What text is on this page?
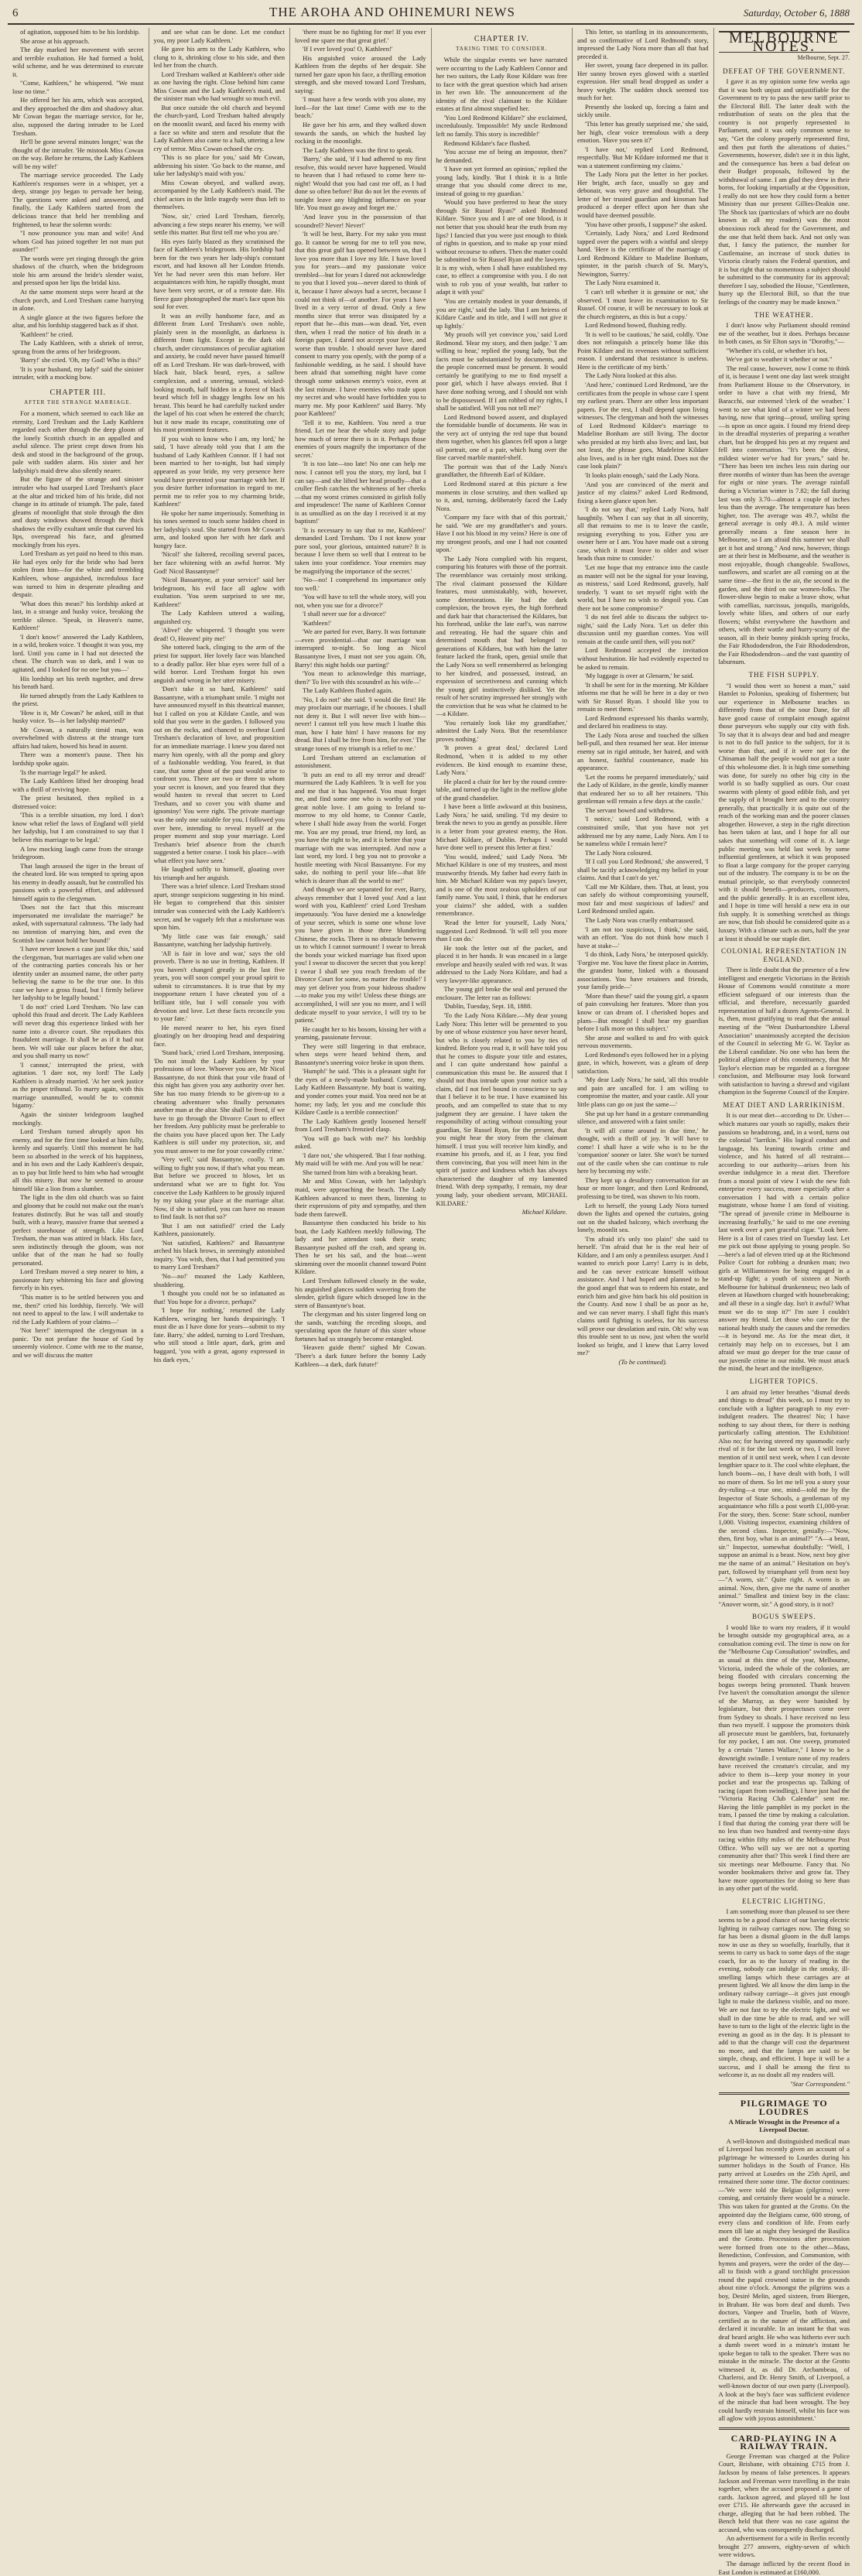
6	THE AROHA AND OHINEMURI NEWS	Saturday, October 6, 1888

of agitation, supposed him to be his lordship.

She arose at his approach.

The day marked her movement with secret and terrible exultation. He had formed a bold, wild scheme, and he was determined to execute it.

"Come, Kathleen," he whispered. "We must lose no time."

He offered her his arm, which was accepted, and they approached the dim and shadowy altar. Mr Cowan began the marriage service, for he, also, supposed the daring intruder to be Lord Tresham.

He'll be gone several minutes longer,' was the thought of the intruder. 'He mistook Miss Cowan on the way. Before he returns, the Lady Kathleen will be my wife!'

The marriage service proceeded. The Lady Kathleen's responses were in a whisper, yet a deep, strange joy began to pervade her being. The questions were asked and answered, and finally, the Lady Kathleen started from the delicious trance that held her trembling and frightened, to hear the solemn words:

"I now pronounce you man and wife! And whom God has joined together let not man put asunder!"

The words were yet ringing through the grim shadows of the church, when the bridegroom stole his arm around the bride's slender waist, and pressed upon her lips the bridal kiss.

At the same moment steps were heard at the church porch, and Lord Tresham came hurrying in alone.

A single glance at the two figures before the altar, and his lordship staggered back as if shot.

'Kathleen!' he cried.

The Lady Kathleen, with a shriek of terror, sprang from the arms of her bridegroom.

'Barry!' she cried. 'Oh, my God! Who is this?'

'It is your husband, my lady!' said the sinister intruder, with a mocking bow.

CHAPTER III.
AFTER THE STRANGE MARRIAGE.

For a moment, which seemed to each like an eternity, Lord Tresham and the Lady Kathleen regarded each other through the deep gloom of the lonely Scottish church in an appalled and awful silence. The priest crept down from his desk and stood in the background of the group, pale with sudden alarm. His sister and her ladyship's maid drew also silently nearer.

But the figure of the strange and sinister intruder who had usurped Lord Tresham's place at the altar and tricked him of his bride, did not change in its attitude of triumph. The pale, fated gleams of moonlight that stole through the dim and dusty windows showed through the thick shadows the evilly exultant smile that curved his lips, overspread his face, and gleamed mockingly from his eyes.

Lord Tresham as yet paid no heed to this man. He had eyes only for the bride who had been stolen from him—for the white and trembling Kathleen, whose anguished, incredulous face was turned to him in desperate pleading and despair.

'What does this mean?' his lordship asked at last, in a strange and husky voice, breaking the terrible silence. 'Speak, in Heaven's name, Kathleen!'

'I don't know!' answered the Lady Kathleen, in a wild, broken voice. 'I thought it was you, my lord. Until you came in I had not detected the cheat. The church was so dark, and I was so agitated, and I looked for no one but you—'

His lordship set his teeth together, and drew his breath hard.

He turned abruptly from the Lady Kathleen to the priest.

'How is it, Mr Cowan?' he asked, still in that husky voice. 'Is—is her ladyship married?'

Mr Cowan, a naturally timid man, was overwhelmed with distress at the strange turn affairs had taken, bowed his head in assent.

There was a moment's pause. Then his lordship spoke again.

'Is the marriage legal?' he asked.

The Lady Kathleen lifted her drooping head with a thrill of reviving hope.

The priest hesitated, then replied in a distressed voice:

'This is a terrible situation, my lord. I don't know what relief the laws of England will yield her ladyship, but I am constrained to say that I believe this marriage to be legal.'

A low mocking laugh came from the strange bridegroom.

That laugh aroused the tiger in the breast of the cheated lord. He was tempted to spring upon his enemy in deadly assault, but he controlled his passions with a powerful effort, and addressed himself again to the clergyman.

'Does not the fact that this miscreant impersonated me invalidate the marriage?' he asked, with supernatural calmness. 'The lady had no intention of marrying him, and even the Scottish law cannot hold her bound!'

'I have never known a case just like this,' said the clergyman, 'but marriages are valid when one of the contracting parties conceals his or her identity under an assumed name, the other party believing the name to be the true one. In this case we have a gross fraud, but I firmly believe her ladyship to be legally bound.'

'I do not!' cried Lord Tresham. 'No law can uphold this fraud and deceit. The Lady Kathleen will never drag this experience linked with her name into a divorce court. She repudiates this fraudulent marriage. It shall be as if it had not been. We will take our places before the altar, and you shall marry us now!'

'I cannot,' interrupted the priest, with agitation. 'I dare not, my lord! The Lady Kathleen is already married. 'At her seek justice as the proper tribunal. To marry again, with this marriage unannulled, would be to commit bigamy.'

Again the sinister bridegroom laughed mockingly.

Lord Tresham turned abruptly upon his enemy, and for the first time looked at him fully, keenly and squarely. Until this moment he had been so absorbed in the wreck of his happiness, and in his own and the Lady Kathleen's despair, as to pay but little heed to him who had wrought all this misery. But now he seemed to arouse himself like a lion from a slumber.

The light in the dim old church was so faint and gloomy that he could not make out the man's features distinctly. But he was tall and stoutly built, with a heavy, massive frame that seemed a perfect storehouse of strength. Like Lord Tresham, the man was attired in black. His face, seen indistinctly through the gloom, was not unlike that of the man he had so foully personated.

Lord Tresham moved a step nearer to him, a passionate fury whitening his face and glowing fiercely in his eyes.

'This matter is to be settled between you and me, then?' cried his lordship, fiercely. 'We will not need to appeal to the law. I will undertake to rid the Lady Kathleen of your claims—'

'Not here!' interrupted the clergyman in a panic. 'Do not profane the house of God by unseemly violence. Come with me to the manse, and we will discuss the matter

and see what can be done. Let me conduct you, my poor Lady Kathleen.'

He gave his arm to the Lady Kathleen, who clung to it, shrinking close to his side, and then led her from the church.

Lord Tresham walked at Kathleen's other side as one having the right. Close behind him came Miss Cowan and the Lady Kathleen's maid, and the sinister man who had wrought so much evil.

But once outside the old church and beyond the church-yard, Lord Tresham halted abruptly on the moonlit sward, and faced his enemy with a face so white and stern and resolute that the Lady Kathleen also came to a halt, uttering a low cry of terror. Miss Cowan echoed the cry.

'This is no place for you,' said Mr Cowan, addressing his sister. 'Go back to the manse, and take her ladyship's maid with you.'

Miss Cowan obeyed, and walked away, accompanied by the Lady Kathleen's maid. The chief actors in the little tragedy were thus left to themselves.

'Now, sir,' cried Lord Tresham, fiercely, advancing a few steps nearer his enemy, 'we will settle this matter. But first tell me who you are.'

His eyes fairly blazed as they scrutinised the face of Kathleen's bridegroom. His lordship had been for the two years her lady-ship's constant escort, and had known all her London friends. Yet he had never seen this man before. Her acquaintances with him, he rapidly thought, must have been very secret, or of a remote date. His fierce gaze photographed the man's face upon his soul for ever.

It was an evilly handsome face, and as different from Lord Tresham's own noble, plainly seen in the moonlight, as darkness is different from light. Except in the dark old church, under circumstances of peculiar agitation and anxiety, he could never have passed himself off as Lord Tresham. He was dark-browed, with black hair, black beard, eyes, a sallow complexion, and a sneering, sensual, wicked-looking mouth, half hidden in a forest of black beard which fell in shaggy lengths low on his breast. This beard he had carefully tucked under the lapel of his coat when he entered the church; but it now made its escape, constituting one of his most prominent features.

If you wish to know who I am, my lord,' he said, 'I have already told you that I am the husband of Lady Kathleen Connor. If I had not been married to her to-night, but had simply appeared as your bride, my very presence here would have prevented your marriage with her. If you desire further information in regard to me, permit me to refer you to my charming bride, Kathleen!'

He spoke her name imperiously. Something in his tones seemed to touch some hidden chord in her ladyship's soul. She started from Mr Cowan's arm, and looked upon her with her dark and hungry face.

'Nicol!' she faltered, recoiling several paces, her face whitening with an awful horror. 'My God! Nicol Bassantyne!'

'Nicol Bassantyne, at your service!' said her bridegroom, his evil face all aglow with exultation. 'You seem surprised to see me, Kathleen!'

The Lady Kathleen uttered a wailing, anguished cry.

'Alive!' she whispered. 'I thought you were dead! O, Heaven! pity me!'

She tottered back, clinging to the arm of the priest for support. Her lovely face was blanched to a deadly pallor. Her blue eyes were full of a wild horror. Lord Tresham forgot his own anguish and wrong in her utter misery.

'Don't take it so hard, Kathleen!' said Bassantyne, with a triumphant smile. 'I might not have announced myself in this theatrical manner, but I called on you at Kildare Castle, and was told that you were in the garden. I followed you out on the rocks, and chanced to overhear Lord Tresham's declaration of love, and proposition for an immediate marriage. I knew you dared not marry him openly, with all the pomp and glory of a fashionable wedding. You feared, in that case, that some ghost of the past would arise to confront you. There are two or three to whom your secret is known, and you feared that they would hasten to reveal that secret to Lord Tresham, and so cover you with shame and ignominy! You were right. The private marriage was the only one suitable for you. I followed you over here, intending to reveal myself at the proper moment and stop your marriage. Lord Tresham's brief absence from the church suggested a better course. I took his place—with what effect you have seen.'

He laughed softly to himself, gloating over his triumph and her anguish.

There was a brief silence. Lord Tresham stood apart, strange suspicions suggesting in his mind. He began to comprehend that this sinister intruder was connected with the Lady Kathleen's secret, and he vaguely felt that a misfortune was upon him.

'My little case was fair enough,' said Bassantyne, watching her ladyship furtively.

'All is fair in love and war,' says the old proverb. There is no use in fretting, Kathleen. If you haven't changed greatly in the last five years, you will soon compel your proud spirit to submit to circumstances. It is true that by my inopportune return I have cheated you of a brilliant title, but I will console you with devotion and love. Let these facts reconcile you to your fate.'

He moved nearer to her, his eyes fixed gloatingly on her drooping head and despairing face.

'Stand back,' cried Lord Tresham, interposing. 'Do not insult the Lady Kathleen by your professions of love. Whoever you are, Mr Nicol Bassantyne, do not think that your vile fraud of this night has given you any authority over her. She has too many friends to be given-up to a cheating adventurer who finally personates another man at the altar. She shall be freed, if we have to go through the Divorce Court to effect her freedom. Any publicity must be preferable to the chains you have placed upon her. The Lady Kathleen is still under my protection, sir, and you must answer to me for your cowardly crime.'

'Very well,' said Bassantyne, coolly. 'I am willing to fight you now, if that's what you mean. But before we proceed to blows, let us understand what we are to fight for. You conceive the Lady Kathleen to be grossly injured by my taking your place at the marriage altar. Now, if she is satisfied, you can have no reason to find fault. Is not that so?'

'But I am not satisfied!' cried the Lady Kathleen, passionately.

'Not satisfied, Kathleen?' and Bassantyne arched his black brows, in seemingly astonished inquiry. 'You wish, then, that I had permitted you to marry Lord Tresham?'

'No—no!' moaned the Lady Kathleen, shuddering.

'I thought you could not be so infatuated as that! You hope for a divorce, perhaps?'

'I hope for nothing,' returned the Lady Kathleen, wringing her hands despairingly. 'I must die as I have done for years—submit to my fate. Barry,' she added, turning to Lord Tresham, who still stood a little apart, dark, grim and haggard, 'you with a great, agony expressed in his dark eyes, '

'there must be no fighting for me! If you ever loved me spare me that great grief.'

'If I ever loved you! O, Kathleen!'

His anguished voice aroused the Lady Kathleen from the depths of her despair. She turned her gaze upon his face, a thrilling emotion strength, and she moved toward Lord Tresham, saying:

'I must have a few words with you alone, my lord—for the last time! Come with me to the beach.'

He gave her his arm, and they walked down towards the sands, on which the hushed lay rocking in the moonlight.

The Lady Kathleen was the first to speak.

'Barry,' she said, 'if I had adhered to my first resolve, this would never have happened. Would to heaven that I had refused to come here to-night! Would that you had cast me off, as I had done so often before! But do not let the events of tonight leave any blighting influence on your life. You must go away and forget me.'

'And leave you in the possession of that scoundrel? Never! Never!'

'It will be best, Barry. For my sake you must go. It cannot be wrong for me to tell you now, that this great gulf has opened between us, that I love you more than I love my life. I have loved you for years—and my passionate voice trembled—but for years I dared not acknowledge to you that I loved you—never dared to think of it, because I have always had a secret, because I could not think of—of another. For years I have lived in a very terror of dread. Only a few months since that terror was dissipated by a report that he—this man—was dead. Yet, even then, when I read the notice of his death in a foreign paper, I dared not accept your love, and worse than trouble. I should never have dared consent to marry you openly, with the pomp of a fashionable wedding, as he said. I should have been afraid that something might have come through some unknown enemy's voice, even at the last minute. I have enemies who trade upon my secret and who would have forbidden you to marry me. My poor Kathleen!' said Barry. 'My poor Kathleen!'

'Tell it to me, Kathleen. You need a true friend. Let me hear the whole story and judge how much of terror there is in it. Perhaps those enemies of yours magnify the importance of the secret.'

'It is too late—too late! No one can help me now. I cannot tell you the story, my lord, but I can say—and she lifted her head proudly—that a cruller flesh catches the whiteness of her cheeks—that my worst crimes consisted in girlish folly and imprudence! The name of Kathleen Connor is as unsullied as on the day I received it at my baptism!'

'It is necessary to say that to me, Kathleen!' demanded Lord Tresham. 'Do I not know your pure soul, your glorious, untainted nature? It is because I love them so well that I entreat to be taken into your confidence. Your enemies may be magnifying the importance of the secret.'

'No—no! I comprehend its importance only too well.'

'You will have to tell the whole story, will you not, when you sue for a divorce?'

'I shall never sue for a divorce!'

'Kathleen!'

'We are parted for ever, Barry. It was fortunate—even providential—that our marriage was interrupted to-night. So long as Nicol Bassantyne lives, I must not see you again. Oh, Barry! this night holds our parting!'

'You mean to acknowledge this marriage, then?' To live with this scoundrel as his wife—'

The Lady Kathleen flushed again.

'No, I do not!' she said. 'I would die first! He may proclaim our marriage, if he chooses. I shall not deny it. But I will never live with him—never! I cannot tell you how much I loathe this man, how I hate him! I have reasons for my dread. But I shall be free from him, for ever.' The strange tones of my triumph is a relief to me.'

Lord Tresham uttered an exclamation of astonishment.

'It puts an end to all my terror and dread!' murmured the Lady Kathleen. 'It is well for you and me that it has happened. You must forget me, and find some one who is worthy of your great noble love. I am going to Ireland to-morrow to my old home, to Connor Castle, where I shall hide away from the world. Forget me. You are my proud, true friend, my lord, as you have the right to be, and it is better that your marriage with me was interrupted. And now a last word, my lord. I beg you not to provoke a hostile meeting with Nicol Bassantyne. For my sake, do nothing to peril your life—that life which is dearer than all the world to me!'

And though we are separated for ever, Barry, always remember that I loved you! And a last word with you, Kathleen!' cried Lord Tresham impetuously. 'You have denied me a knowledge of your secret, which is some one whose love you have given in those three blundering Chinese, the rocks. There is no obstacle between us to which I cannot surmount! I swear to break the bonds your wicked marriage has fixed upon you! I swear to discover the secret that you keep! I swear I shall see you reach freedom of the Divorce Court for some, no matter the trouble!' I may yet deliver you from your hideous shadow—to make you my wife! Unless these things are accomplished, I will see you no more, and I will dedicate myself to your service, I will try to be patient.'

He caught her to his bosom, kissing her with a yearning, passionate fervour.

They were still lingering in that embrace, when steps were heard behind them, and Bassantyne's sneering voice broke in upon them.

'Humph!' he said. 'This is a pleasant sight for the eyes of a newly-made husband. Come, my Lady Kathleen Bassantyne. My boat is waiting, and yonder comes your maid. You need not be at home; my lady, let you and me conclude this Kildare Castle is a terrible connection!'

The Lady Kathleen gently loosened herself from Lord Tresham's frenzied clasp.

'You will go back with me?' his lordship asked.

'I dare not,' she whispered. 'But I fear nothing. My maid will be with me. And you will be near.'

She turned from him with a breaking heart.

Mr and Miss Cowan, with her ladyship's maid, were approaching the beach. The Lady Kathleen advanced to meet them, listening to their expressions of pity and sympathy, and then bade them farewell.

Bassantyne then conducted his bride to his boat, the Lady Kathleen meekly following. The lady and her attendant took their seats; Bassantyne pushed off the craft, and sprang in. Then he set his sail, and the boat—went skimming over the moonlit channel toward Point Kildare.

Lord Tresham followed closely in the wake, his anguished glances sudden wavering from the slender, girlish figure which drooped low in the stern of Bassantyne's boat.

The clergyman and his sister lingered long on the sands, watching the receding sloops, and speculating upon the future of this sister whose fortunes had so strangely become entangled.

'Heaven guide them!' sighed Mr Cowan. 'There's a dark future before the bonny Lady Kathleen—a dark, dark future!'

CHAPTER IV.
TAKING TIME TO CONSIDER.

While the singular events we have narrated were occurring to the Lady Kathleen Connor and her two suitors, the Lady Rose Kildare was free to face with the great question which had arisen in her own life. The announcement of the identity of the rival claimant to the Kildare estates at first almost stupefied her.

'You Lord Redmond Kildare?' she exclaimed, incredulously. 'Impossible! My uncle Redmond left no family. This story is incredible!'

Redmond Kildare's face flushed.

'You accuse me of being an impostor, then?' he demanded.

'I have not yet formed an opinion,' replied the young lady, kindly. 'But I think it is a little strange that you should come direct to me, instead of going to my guardian.'

'Would you have preferred to hear the story through Sir Russel Ryan?' asked Redmond Kildare. 'Since you and I are of one blood, is it not better that you should hear the truth from my lips? I fancied that you were just enough to think of rights in question, and to make up your mind without recourse to others. Then the matter could be submitted to Sir Russel Ryan and the lawyers. It is my wish, when I shall have established my case, to effect a compromise with you. I do not wish to rob you of your wealth, but rather to adapt it with you!'

'You are certainly modest in your demands, if you are right,' said the lady. 'But I am heiress of Kildare Castle and its title, and I will not give it up lightly.'

'My proofs will yet convince you,' said Lord Redmond. 'Hear my story, and then judge.' 'I am willing to hear,' replied the young lady, 'but the facts must be substantiated by documents, and the people concerned must be present. It would certainly be gratifying to me to find myself a poor girl, which I have always envied. But I have done nothing wrong, and I should not wish to be dispossessed. If I am robbed of my rights, I shall be satisfied. Will you not tell me?'

Lord Redmond bowed assent, and displayed the formidable bundle of documents. He was in the very act of untying the red tape that bound them together, when his glances fell upon a large oil portrait, one of a pair, which hung over the fine carved marble mantel-shelf.

The portrait was that of the Lady Nora's grandfather, the fifteenth Earl of Kildare.

Lord Redmond stared at this picture a few moments in close scrutiny, and then walked up to it, and, turning, deliberately faced the Lady Nora.

'Compare my face with that of this portrait,' he said. 'We are my grandfather's and yours. Have I not his blood in my veins? Here is one of my strongest proofs, and one I had not counted upon.'

The Lady Nora complied with his request, comparing his features with those of the portrait. The resemblance was certainly most striking. The rival claimant possessed the Kildare features, most unmistakably, with, however, some deteriorations. He had the dark complexion, the brown eyes, the high forehead and dark hair that characterised the Kildares, but his forehead, unlike the late earl's, was narrow and retreating. He had the square chin and determined mouth that had belonged to generations of Kildares, but with him the latter feature lacked the frank, open, genial smile that the Lady Nora so well remembered as belonging to her kindred, and possessed, instead, an expression of secretiveness and cunning which the young girl instinctively disliked. Yet the result of her scrutiny impressed her strongly with the conviction that he was what he claimed to be—a Kildare.

'You certainly look like my grandfather,' admitted the Lady Nora. 'But the resemblance proves nothing.'

'It proves a great deal,' declared Lord Redmond, 'when it is added to my other evidences. Be kind enough to examine these, Lady Nora.'

He placed a chair for her by the round centre-table, and turned up the light in the mellow globe of the grand chandelier.

I have been a little awkward at this business, Lady Nora,' he said, smiling. 'I'd my desire to break the news to you as gently as possible. Here is a letter from your greatest enemy, the Hon. Michael Kildare, of Dublin. Perhaps I would have done well to present this letter at first.'

'You would, indeed,' said Lady Nora. 'Mr Michael Kildare is one of my trustees, and most trustworthy friends. My father had every faith in him. Mr Michael Kildare was my papa's lawyer, and is one of the most zealous upholders of our family name. You said, I think, that he endorses your claims?' she added, with a sudden remembrance.

'Read the letter for yourself, Lady Nora,' suggested Lord Redmond. 'It will tell you more than I can do.'

He took the letter out of the packet, and placed it in her hands. It was encased in a large envelope and heavily sealed with red wax. It was addressed to the Lady Nora Kildare, and had a very lawyer-like appearance.

The young girl broke the seal and perused the enclosure. The letter ran as follows:

'Dublin, Tuesday, Sept. 18, 1888.

'To the Lady Nora Kildare.—My dear young Lady Nora: This letter will be presented to you by one of whose existence you have never heard, but who is closely related to you by ties of kindred. Before you read it, it will have told you that he comes to dispute your title and estates, and I can quite understand how painful a communication this must be. Be assured that I should not thus intrude upon your notice such a claim, did I not feel bound in conscience to say that I believe it to be true. I have examined his proofs, and am compelled to state that to my judgment they are genuine. I have taken the responsibility of acting without consulting your guardian, Sir Russel Ryan, for the present, that you might hear the story from the claimant himself. I trust you will receive him kindly, and examine his proofs, and if, as I fear, you find them convincing, that you will meet him in the spirit of justice and kindness which has always characterised the daughter of my lamented friend. With deep sympathy, I remain, my dear young lady, your obedient servant, MICHAEL KILDARE.'

Michael Kildare.

This letter, so startling in its announcements, and so confirmative of Lord Redmond's story, impressed the Lady Nora more than all that had preceded it.

Her sweet, young face deepened in its pallor. Her sunny brown eyes glowed with a startled expression. Her small head dropped as under a heavy weight. The sudden shock seemed too much for her.

Presently she looked up, forcing a faint and sickly smile.

'This letter has greatly surprised me,' she said, her high, clear voice tremulous with a deep emotion. 'Have you seen it?'

'I have not,' replied Lord Redmond, respectfully. 'But Mr Kildare informed me that it was a statement confirming my claims.'

The Lady Nora put the letter in her pocket. Her bright, arch face, usually so gay and debonair, was very grave and thoughtful. The letter of her trusted guardian and kinsman had produced a deeper effect upon her than she would have deemed possible.

'You have other proofs, I suppose?' she asked.

'Certainly, Lady Nora,' and Lord Redmond tapped over the papers with a wistful and sleepy hand. 'Here is the certificate of the marriage of Lord Redmond Kildare to Madeline Bonham, spinster, in the parish church of St. Mary's, Newington, Surrey.'

The Lady Nora examined it.

'I can't tell whether it is genuine or not,' she observed. 'I must leave its examination to Sir Russel. Of course, it will be necessary to look at the church registers, as this is but a copy.'

Lord Redmond bowed, flushing redly.

'It is well to be cautious,' he said, coldly. 'One does not relinquish a princely home like this Point Kildare and its revenues without sufficient reason. I understand that resistance is useless. Here is the certificate of my birth.'

The Lady Nora looked at this also.

'And here,' continued Lord Redmond, 'are the certificates from the people in whose care I spent my earliest years. There are other less important papers. For the rest, I shall depend upon living witnesses. The clergyman and both the witnesses of Lord Redmond Kildare's marriage to Madeline Bonham are still living. The doctor who presided at my birth also lives; and last, but not least, the phrase goes, Madeleine Kildare also lives, and is in her right mind. Does not the case look plain?'

'It looks plain enough,' said the Lady Nora.

'And you are convinced of the merit and justice of my claims?' asked Lord Redmond, fixing a keen glance upon her.

'I do not say that,' replied Lady Nora, half haughtily. 'When I can say that in all sincerity, all that remains to me is to leave the castle, resigning everything to you. Either you are owner here or I am. You have made out a strong case, which it must leave to older and wiser heads than mine to consider.'

'Let me hope that my entrance into the castle as master will not be the signal for your leaving, as mistress,' said Lord Redmond, gravely, half tenderly. 'I want to set myself right with the world, but I have no wish to despoil you. Can there not be some compromise?'

'I do not feel able to discuss the subject to-night,' said the Lady Nora. 'Let us defer this discussion until my guardian comes. You will remain at the castle until then, will you not?'

Lord Redmond accepted the invitation without hesitation. He had evidently expected to be asked to remain.

'My luggage is over at Glenarm,' he said.

'It shall be sent for in the morning. Mr Kildare informs me that he will be here in a day or two with Sir Russel Ryan. I should like you to remain to meet them.'

Lord Redmond expressed his thanks warmly, and declared his readiness to stay.

The Lady Nora arose and touched the silken bell-pull, and then resumed her seat. Her intense enemy sat in rigid attitude, her haired, and with an honest, faithful countenance, made his appearance.

'Let the rooms be prepared immediately,' said the Lady of Kildare, in the gentle, kindly manner that endeared her so to all her retainers. 'This gentleman will remain a few days at the castle.'

The servant bowed and withdrew.

'I notice,' said Lord Redmond, with a constrained smile, 'that you have not yet addressed me by any name, Lady Nora. Am I to be nameless while I remain here?'

The Lady Nora coloured.

'If I call you Lord Redmond,' she answered, 'I shall be tacitly acknowledging my belief in your claims. And that I can't do yet.'

'Call me Mr Kildare, then. That, at least, you can safely do without compromising yourself, most fair and most suspicious of ladies!' and Lord Redmond smiled again.

The Lady Nora was cruelly embarrassed.

'I am not too suspicious, I think,' she said, with an effort. 'You do not think how much I have at stake—'

'I do think, Lady Nora,' he interposed quickly. 'Forgive me. You have the finest place in Antrim, the grandest home, linked with a thousand associations. You have retainers and friends, your family pride—'

'More than these!' said the young girl, a spasm of pain convulsing her features. 'More than you know or can dream of. I cherished hopes and plans—But enough! I shall hear my guardian before I talk more on this subject.'

She arose and walked to and fro with quick nervous movements.

Lord Redmond's eyes followed her in a plying gaze, in which, however, was a gleam of deep satisfaction.

'My dear Lady Nora,' he said, 'all this trouble and pain are uncalled for. I am willing to compromise the matter, and your castle. All your little plans can go on just the same—'

She put up her hand in a gesture commanding silence, and answered with a faint smile:

'It will all come around in due time,' he thought, with a thrill of joy. 'It will have to come! I shall have a wife who is to be the 'companion' sooner or later. She won't be turned out of the castle when she can continue to rule here by becoming my wife.'

They kept up a desultory conversation for an hour or more longer, and then Lord Redmond, professing to be tired, was shown to his room.

Left to herself, the young Lady Nora turned down the lights and opened the curtains, going out on the shaded balcony, which overhung the lonely, moonlit sea.

'I'm afraid it's only too plain!' she said to herself. 'I'm afraid that he is the real heir of Kildare, and I am only a penniless usurper. And I wanted to enrich poor Larry! Larry is in debt, and he can never extricate himself without assistance. And I had hoped and planned to be the good angel that was to redeem his estate, and enrich him and give him back his old position in the County. And now I shall be as poor as he, and we can never marry. I shall fight this man's claims until fighting is useless, for his success will prove our desolation and ruin. Oh! why was this trouble sent to us now, just when the world looked so bright, and I knew that Larry loved me?'

(To be continued).

MELBOURNE NOTES.
Melbourne, Sept. 27.
DEFEAT OF THE GOVERNMENT.

I gave it as my opinion some few weeks ago that it was both unjust and unjustifiable for the Government to try to pass the new tariff prior to the Electoral Bill. The latter dealt with the redistribution of seats on the plea that the country is not properly represented in Parliament, and it was only common sense to say, "Get the colony properly represented first, and then put forth the alterations of duties." Governments, however, didn't see it in this light, and the consequence has been a bad defeat on their Budget proposals, followed by the withdrawal of same. I am glad they drew in their horns, for looking impartially at the Opposition, I really do not see how they could form a better Ministry than our present Gillies-Deakin one. The Shock tax (particulars of which are no doubt known in all my readers) was the most obnoxious rock ahead for the Government, and the one that held them back. And not only was that, I fancy the patience, the number for Castlemaine, an increase of stock duties in Victoria clearly raises the Federal question, and it is but right that so momentous a subject should be submitted to the community for its approval; therefore I say, sobodied the House, "Gentlemen, hurry up the Electoral Bill, so that the true feelings of the country may be made known."

THE WEATHER.

I don't know why Parliament should remind me of the weather, but it does. Perhaps because in both cases, as Sir Elton says in "Dorothy,"—

"Whether it's cold, or whether it's hot,

We've got to weather it whether or not."

The real cause, however, now I come to think of it, is because I went one day last week straight from Parliament House to the Observatory, in order to have a chat with my friend, Mr Baracchi, our esteemed 'clerk of the weather.' I went to see what kind of a winter we had been having, now that spring—proud, smiling spring—is upon us once again. I found my friend deep in the dreadful mysteries of preparing a weather chart, but he dropped his pen at my request and fell into conversation. "It's been the driest, mildest winter we've had for years," said he. "There has been ten inches less rain during our three months of winter than has been the average for eight or nine years. The average rainfall during a Victorian winter is 7.82; the fall during last was only 3.70—almost a couple of inches less than the average. The temperature has been higher, too. The average was 49.7, whilst the general average is only 49.1. A mild winter generally means a fine season here in Melbourne, so I am afraid this summer we shall get it hot and strong." And now, however, things are at their best in Melbourne, and the weather is most enjoyable, though changeable. Swallows, sunflowers, and scarlet are all coming on at the same time—the first in the air, the second in the garden, and the third on our women-folks. The flower-show begin to make a brave show, what with camellias, narcissus, jonquils, marigolds, lovely white lilies, and others of our early flowers; whilst everywhere the hawthorn and others, with their wattle and hurry-scurry of the season, all in their bonny pinkish spring frocks, the Fair Rhododendron, the Fair Rhododendron, the Fair Rhododendron—and the vast quantity of laburnum.

THE FISH SUPPLY.

"I would thou wert so honest a man," said Hamlet to Polonius, speaking of fishermen; but our experience in Melbourne teaches us differently from that of the sour Dane, for all have good cause of complaint enough against those purveyors who supply our city with fish. To say that it is always dear and bad and meagre is not to do full justice to the subject, for it is worse than that, and if it were not for the Chinaman half the people would not get a taste of this wholesome diet. It is high time something was done, for surely no other big city in the world is so badly supplied as ours. Our coast swarms with plenty of good edible fish, and yet the supply of it brought here and to the country generally, that practically it is quite out of the reach of the working man and the poorer classes altogether. However, a step in the right direction has been taken at last, and I hope for all our sakes that something will come of it. A large public meeting was held last week by some influential gentlemen, at which it was proposed to float a large company for the proper carrying out of the industry. The company is to be on the mutual principle, so that everybody connected with it should benefit—producers, consumers, and the public generally. It is an excellent idea, and I hope in time will herald a new era in our fish supply. It is something wretched as things are now, that fish should be considered quite as a luxury. With a climate such as ours, half the year at least it should be our staple diet.

COLONIAL REPRESENTATION IN ENGLAND.

There is little doubt that the presence of a few intelligent and energetic Victorians in the British House of Commons would constitute a more efficient safeguard of our interests than the official, and therefore, necessarily guarded representation of half a dozen Agents-General. It is, then, most gratifying to read that the annual meeting of the "West Dunbartonshire Liberal Association" unanimously accepted the decision of the Council in selecting Mr G. W. Taylor as the Liberal candidate. No one who has been the political allegiance of this constituency, that Mr Taylor's election may be regarded as a foregone conclusion, and Melbourne may look forward with satisfaction to having a shrewd and vigilant champion in the Supreme Council of the Empire.

MEAT DIET AND LARRIKINISM.

It is our meat diet—according to Dr. Usher—which matures our youth so rapidly, makes their passions so headstrong, and, in a word, turns out the colonial "larrikin." His logical conduct and language, his leaning towards crime and violence, and his hatred of all restraint—according to our authority—arises from his overdue indulgence in a meat diet. Therefore from a moral point of view I wish the new fish enterprise every success, more especially after a conversation I had with a certain police magistrate, whose home I am fond of visiting. "The spread of juvenile crime in Melbourne is increasing fearfully," he said to me one evening last week over a port graceful cigar. "Look here. Here is a list of cases tried on Tuesday last. Let me pick out those applying to young people. So—here's a lad of eleven tried up at the Richmond Police Court for robbing a drunken man; two girls at Williamstown for being engaged in a stand-up fight; a youth of sixteen at North Melbourne for habitual drunkenness; two lads of eleven at Hawthorn charged with housebreaking; and all these in a single day. Isn't it awful? What must we do to stop it?" I'm sure I couldn't answer my friend. Let those who care for the national health study the causes and the remedies—it is beyond me. As for the meat diet, it certainly may help on to excesses, but I am afraid we must go deeper for the true cause of our juvenile crime in our midst. We must attack the mind, the heart and the intelligence.

LIGHTER TOPICS.

I am afraid my letter breathes "dismal deeds and things to dread" this week, so I must try to conclude with a lighter paragraph to my ever-indulgent readers. The theatres! No; I have nothing to say about them, for there is nothing particularly calling attention. The Exhibition! Also no; for having steered my spasmodic early rival of it for the last week or two, I will leave mention of it until next week, when I can devote lengthier space to it. The cool white elephant, the lunch boom—no, I have dealt with both, I will no more of them. So let me tell you a story your dry-ruling—a true one, mind—told me by the Inspector of State Schools, a gentleman of my acquaintance who fills a post worth £1,000-year. For the story, then. Scene: State school, number 1,000. Visiting inspector, examining children of the second class. Inspector, genially:—"Now, then, first boy, what is an animal?" "A—a beast, sir." Inspector, somewhat doubtfully: "Well, I suppose an animal is a beast. Now, next boy give me the name of an animal." Hesitation on boy's part, followed by triumphant yell from next boy—"A worm, sir." Quite right. A worm is an animal. Now, then, give me the name of another animal." Smallest and tiniest boy in the class: "Anover worm, sir." A good story, is it not?

BOGUS SWEEPS.

I would like to warn my readers, if it would be brought outside my geographical area, as a consultation coming evil. The time is now on for the "Melbourne Cup Consultation" swindles, and as usual at this time of the year, Melbourne, Victoria, indeed the whole of the colonies, are being flooded with circulars concerning the bogus sweeps being promoted. Thank heaven I've haven't the consultation amongst the silence of the Murray, as they were banished by legislature, but their prospectuses come over from Sydney to shoals. I have received no less than two myself. I suppose the promoters think all prosecute must be gamblers, but, fortunately for my pocket, I am not. One sweep, promoted by a certain "James Wallace," I know to be a downright swindle. I venture none of my readers have received the creature's circular, and my advice to them is—keep your money in your pocket and tear the prospectus up. Talking of racing (apart from swindling), I have just had the "Victoria Racing Club Calendar" sent me. Having the little pamphlet in my pocket in the tram, I passed the time by making a calculation. I find that during the coming year there will be no less than two hundred and twenty-nine days racing within fifty miles of the Melbourne Post Office. Who will say we are not a sporting community after that? This week I find there are six meetings near Melbourne. Fancy that. No wonder bookmakers thrive and grow fat. They have more opportunities for doing so here than in any other part of the world.

ELECTRIC LIGHTING.

I am something more than pleased to see there seems to be a good chance of our having electric lighting in railway carriages now. The thing so far has been a dismal gloom in the dull lamps now in use as they so woefully, fearfully, that it seems to carry us back to some days of the stage coach, for as to the luxury of reading in the evening, nobody can indulge in the smoky, ill-smelling lamps which these carriages are at present lighted. We all know the dim lamp in the ordinary railway carriage—it gives just enough light to make the darkness visible, and no more. We are not fast to try the electric light, and we shall in due time be able to read, and we will have to turn to the light of the electric light in the evening as good as in the day. It is pleasant to add to that the change will cost the department no more, and that the lamps are said to be simple, cheap, and efficient. I hope it will be a success, and I shall be among the first to welcome it, as no doubt all my readers will.

"Star Correspondent."

PILGRIMAGE TO LOUDRES
A Miracle Wrought in the Presence of a Liverpool Doctor.

A well-known and distinguished medical man of Liverpool has recently given an account of a pilgrimage he witnessed to Lourdes during his summer holidays in the South of France. His party arrived at Lourdes on the 25th April, and remained there some time. The doctor continues:—'We were told the Belgian (pilgrims) were coming, and certainly there would be a miracle. This was taken for granted at the Grotto. On the appointed day the Belgians came, 600 strong, of every class and condition of life. From early morn till late at night they besieged the Basilica and the Grotto. Processions after procession were formed from one to the other—Mass, Benediction, Confession, and Communion, with hymns and prayers, were the order of the day—all to finish with a grand torchlight procession round the papal crowned statue in the grounds about nine o'clock. Amongst the pilgrims was a boy, Desiré Melin, aged sixteen, from Biergen, in Brabant. He was born deaf and dumb. Two doctors, Vanpee and Truelin, both of Wavre, certified as to the nature of the affliction, and declared it incurable. In an instant he that was deaf heard aright. He who was hitherto ever such a dumb sweet word in a minute's instant he spoke began to talk to the speaker. There was no mistake in the miracle. The doctor at the Grotto witnessed it, as did Dr. Arcbambeau, of Charleroi, and Dr. Henry Smith, of Liverpool, a well-known doctor of our own party (Liverpool). A look at the boy's face was sufficient evidence of the miracle that had been wrought. The boy could hardly restrain himself, whilst his face was all aglow with joyous astonishment.'

CARD-PLAYING IN A RAILWAY TRAIN.

George Freeman was charged at the Police Court, Brisbane, with obtaining £715 from J. Jackson by means of false pretences. It appears Jackson and Freeman were travelling in the train together, when the accused proposed a game of cards. Jackson agreed, and played till he lost over £715. He afterwards gave the accused in charge, alleging that he had been robbed. The Bench held that there was no case against the accused, who was consequently discharged.

An advertisement for a wife in Berlin recently brought 277 answers, eighty-seven of which were widows.

The damage inflicted by the recent flood in East London is estimated at £160,000.
